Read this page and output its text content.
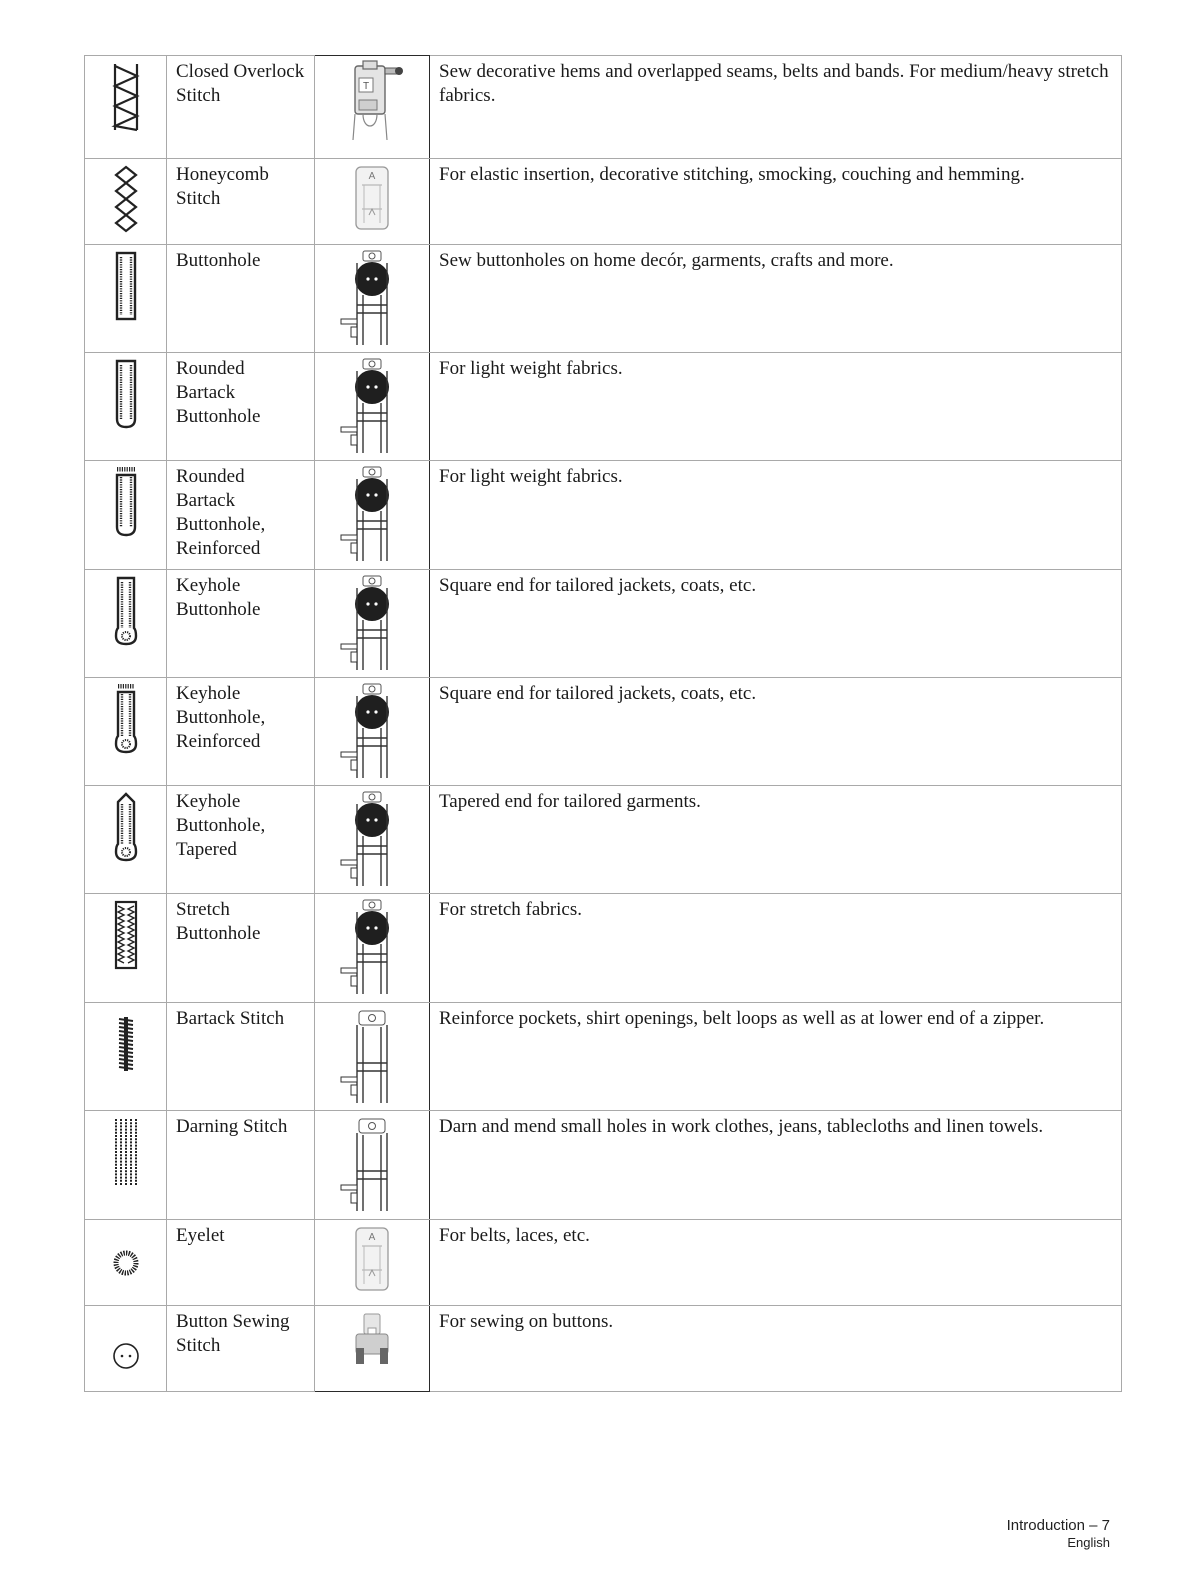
	Closed Overlock Stitch	T	Sew decorative hems and overlapped seams, belts and bands. For medium/heavy stretch fabrics.

	Honeycomb Stitch	A	For elastic insertion, decorative stitching, smocking, couching and hemming.

	Buttonhole		Sew buttonholes on home decór, garments, crafts and more.

	Rounded Bartack Buttonhole		For light weight fabrics.

	Rounded Bartack Buttonhole, Reinforced		For light weight fabrics.

	Keyhole Buttonhole		Square end for tailored jackets, coats, etc.

	Keyhole Buttonhole, Reinforced		Square end for tailored jackets, coats, etc.

	Keyhole Buttonhole, Tapered		Tapered end for tailored garments.

	Stretch Buttonhole		For stretch fabrics.

	Bartack Stitch		Reinforce pockets, shirt openings, belt loops as well as at lower end of a zipper.

	Darning Stitch		Darn and mend small holes in work clothes, jeans, tablecloths and linen towels.

	Eyelet	A	For belts, laces, etc.

	Button Sewing Stitch		For sewing on buttons.
Introduction – 7
English
